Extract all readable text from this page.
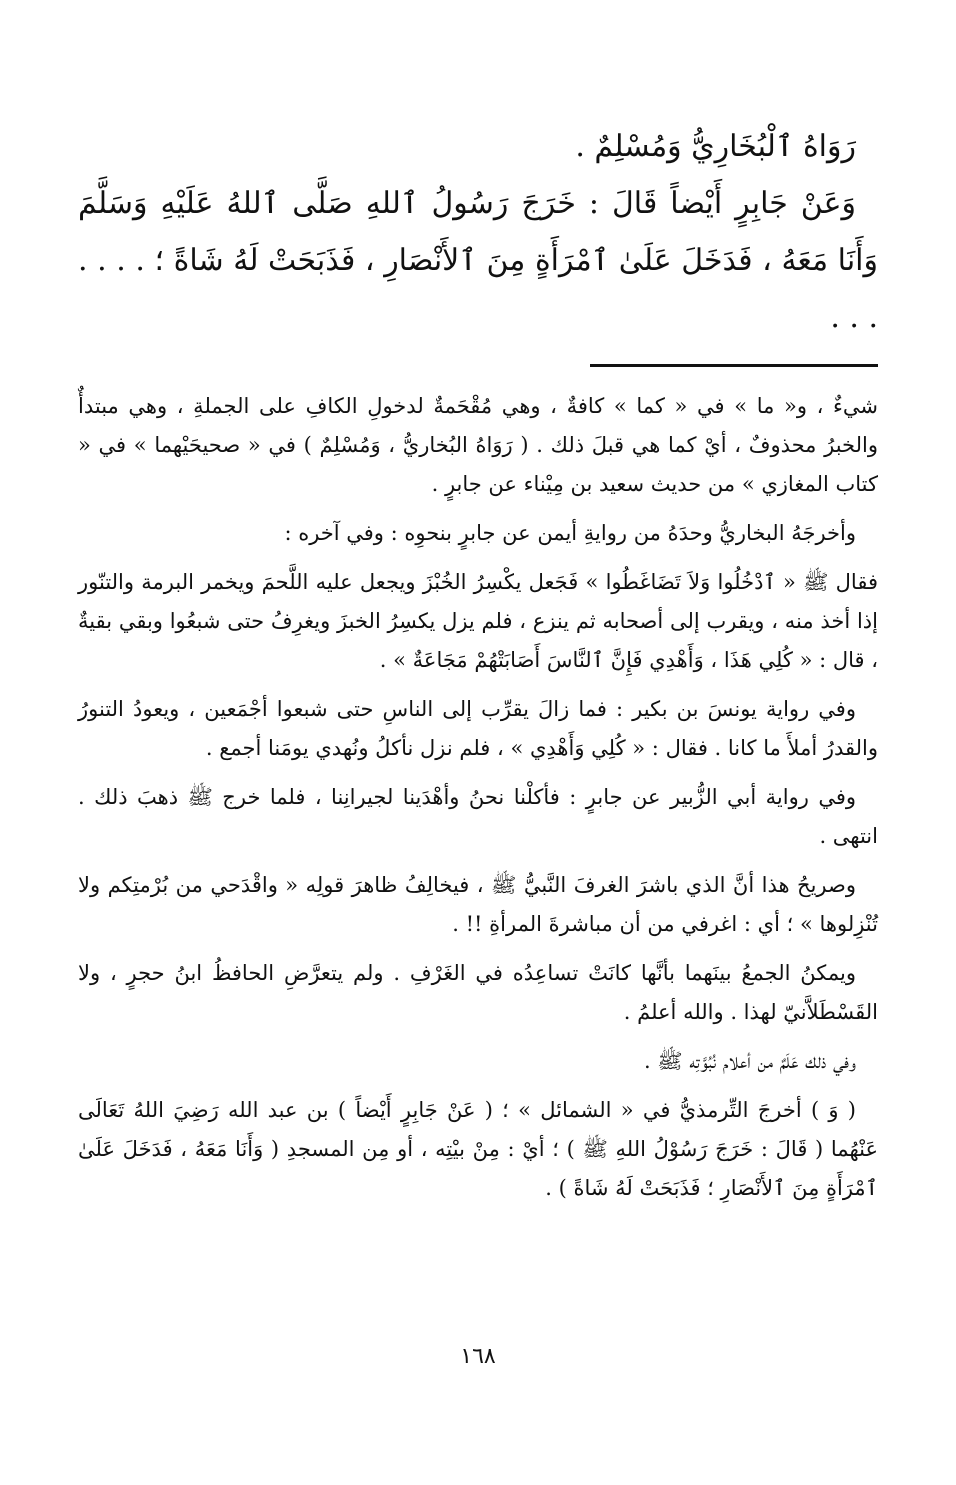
رَوَاهُ ٱلْبُخَارِيُّ وَمُسْلِمٌ .

وَعَنْ جَابِرٍ أَيْضاً قَالَ : خَرَجَ رَسُولُ ٱللهِ صَلَّى ٱللهُ عَلَيْهِ وَسَلَّمَ وَأَنَا مَعَهُ ، فَدَخَلَ عَلَىٰ ٱمْرَأَةٍ مِنَ ٱلأَنْصَارِ ، فَذَبَحَتْ لَهُ شَاةً ؛ . . . . . . .

شيءٌ ، و« ما » في « كما » كافةٌ ، وهي مُقْحَمةٌ لدخولِ الكافِ على الجملةِ ، وهي مبتدأٌ والخبرُ محذوفٌ ، أيْ كما هي قبلَ ذلك . ( رَوَاهُ البُخاريُّ ، وَمُسْلِمٌ ) في « صحيحَيْهما » في « كتاب المغازي » من حديث سعيد بن مِيْناء عن جابرٍ .

وأخرجَهُ البخاريُّ وحدَهُ من روايةِ أيمن عن جابرٍ بنحوِه : وفي آخره :

فقال ﷺ « ٱدْخُلُوا وَلاَ تَضَاغَطُوا » فَجَعل يكْسِرُ الخُبْزَ ويجعل عليه اللَّحمَ ويخمر البرمة والتنّور إذا أخذ منه ، ويقرب إلى أصحابه ثم ينزع ، فلم يزل يكسِرُ الخبزَ ويغرِفُ حتى شبعُوا وبقي بقيةٌ ، قال : « كُلِي هَذَا ، وَأَهْدِي فَإِنَّ ٱلنَّاسَ أَصَابَتْهُمْ مَجَاعَةٌ » .

وفي رواية يونسَ بن بكير : فما زالَ يقرِّب إلى الناسِ حتى شبعوا أجْمَعين ، ويعودُ التنورُ والقدرُ أملأَ ما كانا . فقال : « كُلِي وَأَهْدِي » ، فلم نزل نأكلُ ونُهدي يومَنا أجمع .

وفي رواية أبي الزُّبير عن جابرٍ : فأكلْنا نحنُ وأهْدَينا لجيرانِنا ، فلما خرج ﷺ ذهبَ ذلك . انتهى .

وصريحُ هذا أنَّ الذي باشرَ الغرفَ النَّبيُّ ﷺ ، فيخالِفُ ظاهرَ قولِه « واقْدَحي من بُرْمتِكم ولا تُنْزِلوها » ؛ أي : اغرفي من أن مباشرةَ المرأةِ !! .

ويمكنُ الجمعُ بينَهما بأنَّها كانَتْ تساعِدُه في الغَرْفِ . ولم يتعرَّضِ الحافظُ ابنُ حجرٍ ، ولا القَسْطَلاَّنيّ لهذا . والله أعلمُ .

وفي ذلك عَلَمٌ من أعلام نُبُوَّتِه ﷺ .

( وَ ) أخرجَ التِّرمذيُّ في « الشمائل » ؛ ( عَنْ جَابِرٍ أَيْضاً ) بن عبد الله رَضِيَ اللهُ تَعَالَى عَنْهُما ( قَالَ : خَرَجَ رَسُوْلُ اللهِ ﷺ ) ؛ أيْ : مِنْ بيْتِه ، أو مِن المسجدِ ( وَأَنَا مَعَهُ ، فَدَخَلَ عَلَىٰ ٱمْرَأَةٍ مِنَ ٱلأَنْصَارِ ؛ فَذَبَحَتْ لَهُ شَاةً ) .

١٦٨
